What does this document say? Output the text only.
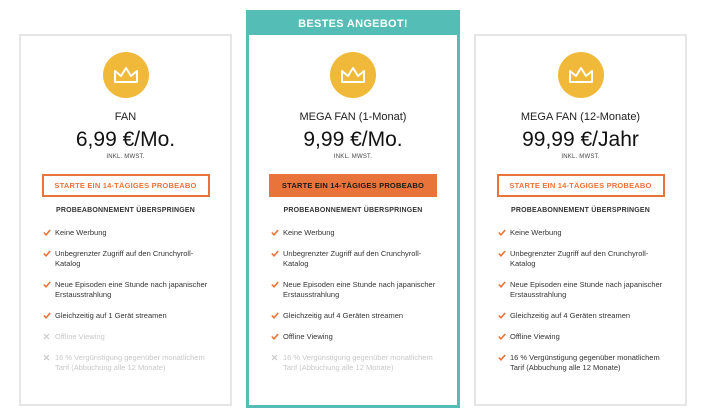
FAN
6,99 €/Mo.
INKL. MWST.
STARTE EIN 14-TÄGIGES PROBEABO
PROBEABONNEMENT ÜBERSPRINGEN
Keine Werbung
Unbegrenzter Zugriff auf den Crunchyroll-Katalog
Neue Episoden eine Stunde nach japanischer Erstausstrahlung
Gleichzeitig auf 1 Gerät streamen
Offline Viewing
16 % Vergünstigung gegenüber monatlichem Tarif (Abbuchung alle 12 Monate)
BESTES ANGEBOT!
MEGA FAN (1-Monat)
9,99 €/Mo.
INKL. MWST.
STARTE EIN 14-TÄGIGES PROBEABO
PROBEABONNEMENT ÜBERSPRINGEN
Keine Werbung
Unbegrenzter Zugriff auf den Crunchyroll-Katalog
Neue Episoden eine Stunde nach japanischer Erstausstrahlung
Gleichzeitig auf 4 Geräten streamen
Offline Viewing
16 % Vergünstigung gegenüber monatlichem Tarif (Abbuchung alle 12 Monate)
MEGA FAN (12-Monate)
99,99 €/Jahr
INKL. MWST.
STARTE EIN 14-TÄGIGES PROBEABO
PROBEABONNEMENT ÜBERSPRINGEN
Keine Werbung
Unbegrenzter Zugriff auf den Crunchyroll-Katalog
Neue Episoden eine Stunde nach japanischer Erstausstrahlung
Gleichzeitig auf 4 Geräten streamen
Offline Viewing
16 % Vergünstigung gegenüber monatlichem Tarif (Abbuchung alle 12 Monate)
